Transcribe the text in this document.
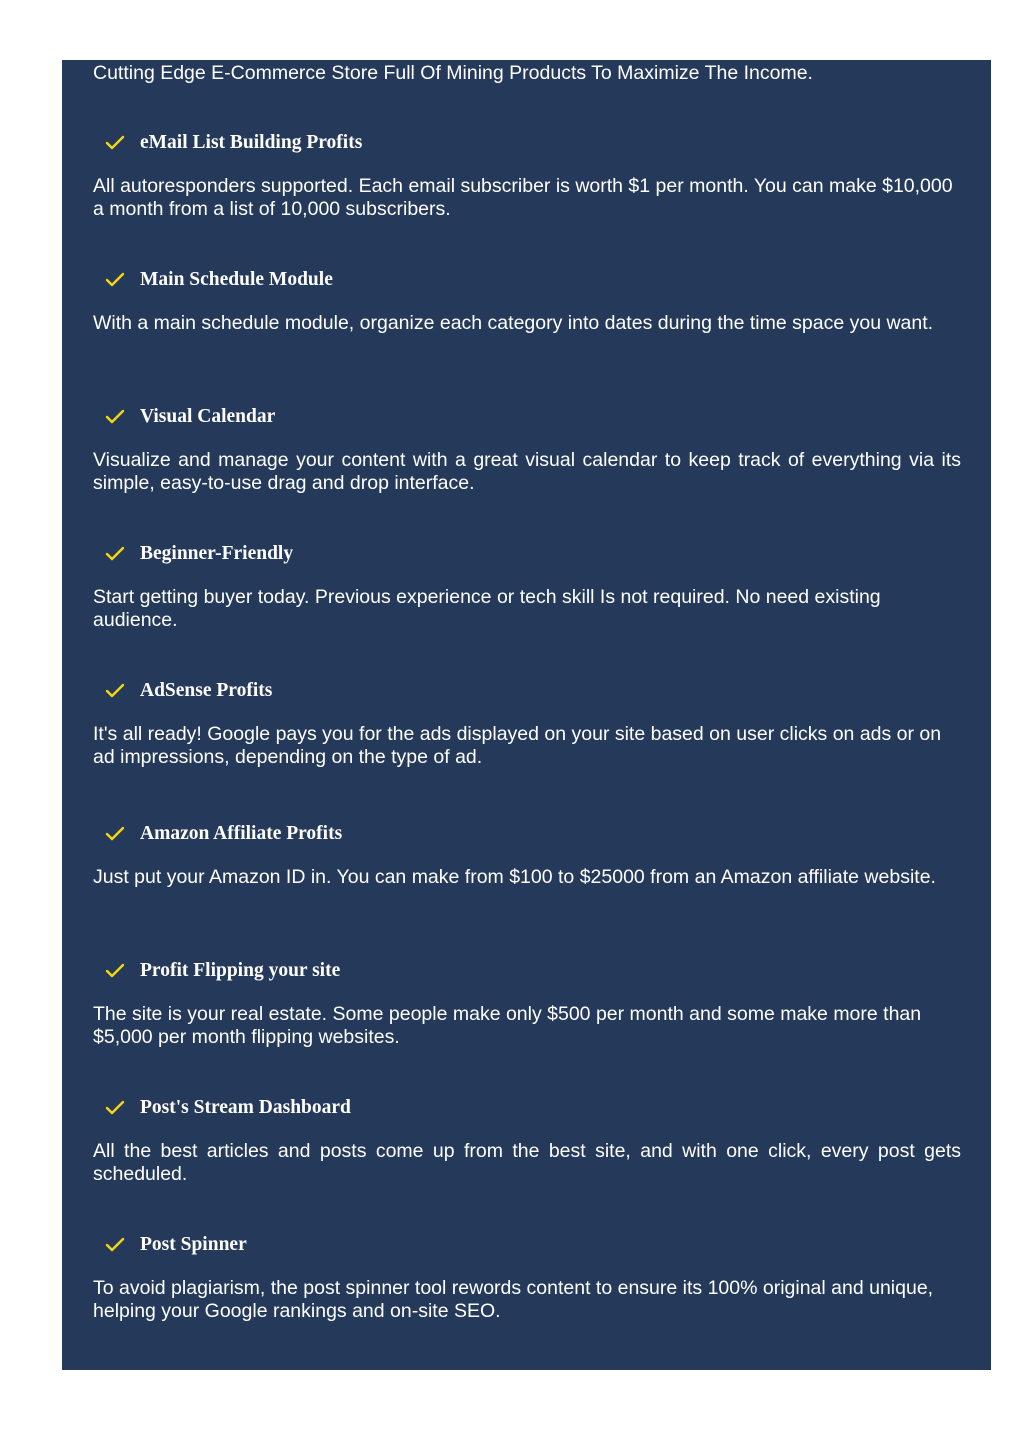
Cutting Edge E-Commerce Store Full Of Mining Products To Maximize The Income.
eMail List Building Profits

All autoresponders supported. Each email subscriber is worth $1 per month. You can make $10,000 a month from a list of 10,000 subscribers.

Main Schedule Module

With a main schedule module, organize each category into dates during the time space you want.

Visual Calendar

Visualize and manage your content with a great visual calendar to keep track of everything via its simple, easy-to-use drag and drop interface.

Beginner-Friendly

Start getting buyer today. Previous experience or tech skill Is not required. No need existing audience.

AdSense Profits

It's all ready! Google pays you for the ads displayed on your site based on user clicks on ads or on ad impressions, depending on the type of ad.

Amazon Affiliate Profits

Just put your Amazon ID in. You can make from $100 to $25000 from an Amazon affiliate website.

Profit Flipping your site

The site is your real estate. Some people make only $500 per month and some make more than $5,000 per month flipping websites.

Post's Stream Dashboard

All the best articles and posts come up from the best site, and with one click, every post gets scheduled.

Post Spinner

To avoid plagiarism, the post spinner tool rewords content to ensure its 100% original and unique, helping your Google rankings and on-site SEO.
